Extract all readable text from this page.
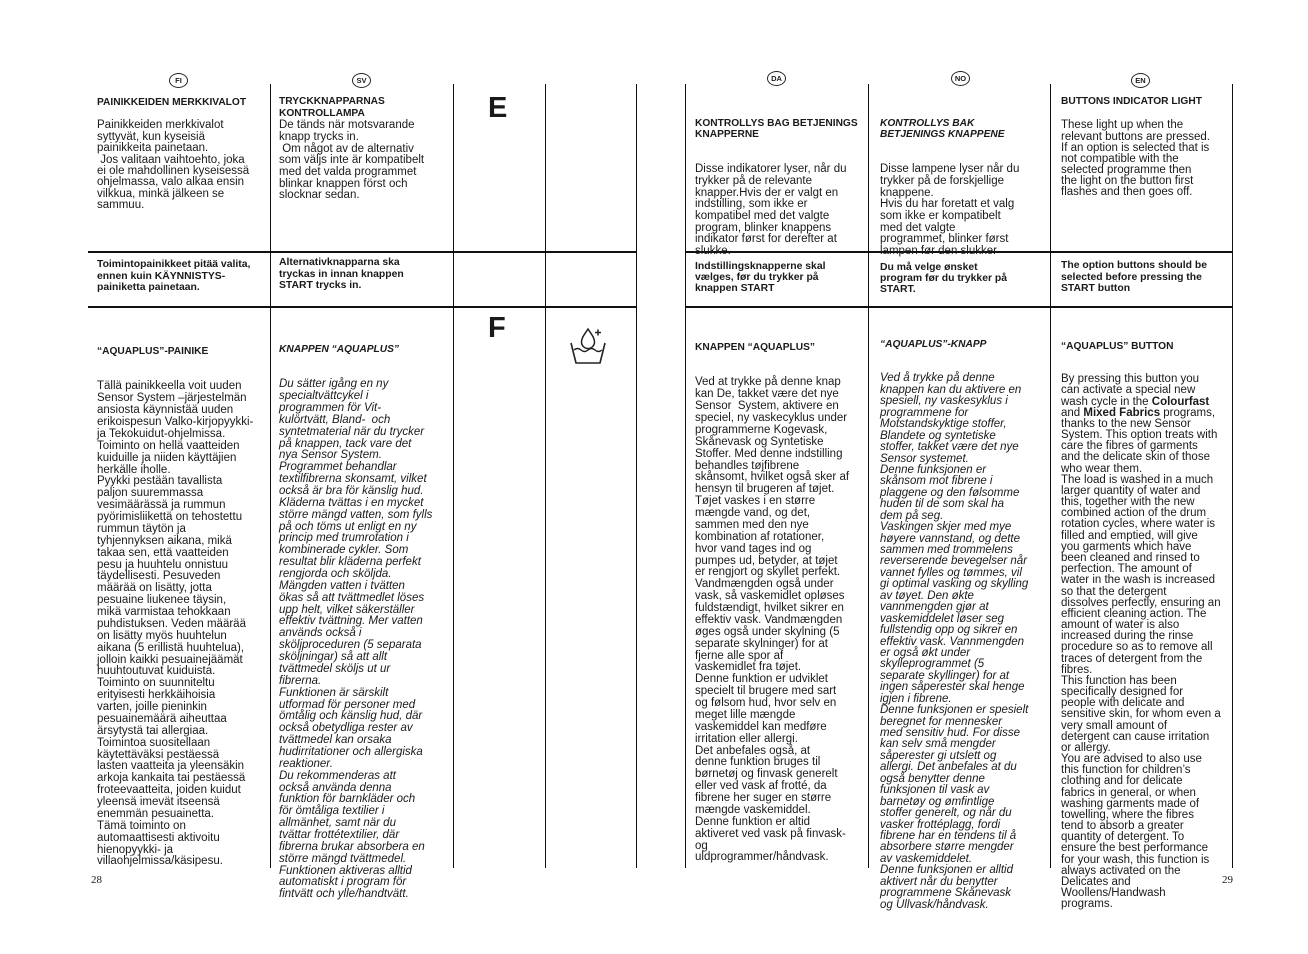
FI	SV
PAINIKKEIDEN MERKKIVALOT
Painikkeiden merkkivalot
syttyvät, kun kyseisiä
painikkeita painetaan.
Jos valitaan vaihtoehto, joka
ei ole mahdollinen kyseisessä
ohjelmassa, valo alkaa ensin
vilkkua, minkä jälkeen se
sammuu.
Toimintopainikkeet pitää valita,
ennen kuin KÄYNNISTYS-
painiketta painetaan.

“AQUAPLUS”-PAINIKE

Tällä painikkeella voit uuden
Sensor System –järjestelmän
ansiosta käynnistää uuden
erikoispesun Valko-kirjopyykki-
ja Tekokuidut-ohjelmissa.
Toiminto on hellä vaatteiden
kuiduille ja niiden käyttäjien
herkälle iholle.
Pyykki pestään tavallista
paljon suuremmassa
vesimäärässä ja rummun
pyörimisliikettä on tehostettu
rummun täytön ja
tyhjennyksen aikana, mikä
takaa sen, että vaatteiden
pesu ja huuhtelu onnistuu
täydellisesti. Pesuveden
määrää on lisätty, jotta
pesuaine liukenee täysin,
mikä varmistaa tehokkaan
puhdistuksen. Veden määrää
on lisätty myös huuhtelun
aikana (5 erillistä huuhtelua),
jolloin kaikki pesuainejäämät
huuhtoutuvat kuiduista.
Toiminto on suunniteltu
erityisesti herkkäihoisia
varten, joille pieninkin
pesuainemäärä aiheuttaa
ärsytystä tai allergiaa.
Toimintoa suositellaan
käytettäväksi pestäessä
lasten vaatteita ja yleensäkin
arkoja kankaita tai pestäessä
froteevaatteita, joiden kuidut
yleensä imevät itseensä
enemmän pesuainetta.
Tämä toiminto on
automaattisesti aktivoitu
hienopyykki- ja
villaohjelmissa/käsipesu.

TRYCKKNAPPARNAS
KONTROLLAMPA
De tänds när motsvarande
knapp trycks in.
Om något av de alternativ
som väljs inte är kompatibelt
med det valda programmet
blinkar knappen först och
slocknar sedan.
Alternativknapparna ska
tryckas in innan knappen
START trycks in.

KNAPPEN “AQUAPLUS”

Du sätter igång en ny
specialtvättcykel i
programmen för Vit-
kulörtvätt, Bland-  och
syntetmaterial när du trycker
på knappen, tack vare det
nya Sensor System.
Programmet behandlar
textilfibrerna skonsamt, vilket
också är bra för känslig hud.
Kläderna tvättas i en mycket
större mängd vatten, som fylls
på och töms ut enligt en ny
princip med trumrotation i
kombinerade cykler. Som
resultat blir kläderna perfekt
rengjorda och sköljda.
Mängden vatten i tvätten
ökas så att tvättmedlet löses
upp helt, vilket säkerställer
effektiv tvättning. Mer vatten
används också i
sköljproceduren (5 separata
sköljningar) så att allt
tvättmedel sköljs ut ur
fibrerna.
Funktionen är särskilt
utformad för personer med
ömtålig och känslig hud, där
också obetydliga rester av
tvättmedel kan orsaka
hudirritationer och allergiska
reaktioner.
Du rekommenderas att
också använda denna
funktion för barnkläder och
för ömtåliga textilier i
allmänhet, samt när du
tvättar frottétextilier, där
fibrerna brukar absorbera en
större mängd tvättmedel.
Funktionen aktiveras alltid
automatiskt i program för
fintvätt och ylle/handtvätt.

E
F
28
DA	NO	EN

KONTROLLYS BAG BETJENINGS
KNAPPERNE

Disse indikatorer lyser, når du
trykker på de relevante
knapper.Hvis der er valgt en
indstilling, som ikke er
kompatibel med det valgte
program, blinker knappens
indikator først for derefter at
slukke.

Indstillingsknapperne skal
vælges, før du trykker på
knappen START

KNAPPEN “AQUAPLUS”

Ved at trykke på denne knap
kan De, takket være det nye
Sensor  System, aktivere en
speciel, ny vaskecyklus under
programmerne Kogevask,
Skånevask og Syntetiske
Stoffer. Med denne indstilling
behandles tøjfibrene
skånsomt, hvilket også sker af
hensyn til brugeren af tøjet.
Tøjet vaskes i en større
mængde vand, og det,
sammen med den nye
kombination af rotationer,
hvor vand tages ind og
pumpes ud, betyder, at tøjet
er rengjort og skyllet perfekt.
Vandmængden også under
vask, så vaskemidlet opløses
fuldstændigt, hvilket sikrer en
effektiv vask. Vandmængden
øges også under skylning (5
separate skylninger) for at
fjerne alle spor af
vaskemidlet fra tøjet.
Denne funktion er udviklet
specielt til brugere med sart
og følsom hud, hvor selv en
meget lille mængde
vaskemiddel kan medføre
irritation eller allergi.
Det anbefales også, at
denne funktion bruges til
børnetøj og finvask generelt
eller ved vask af frotté, da
fibrene her suger en større
mængde vaskemiddel.
Denne funktion er altid
aktiveret ved vask på finvask-
og
uldprogrammer/håndvask.

KONTROLLYS BAK
BETJENINGS KNAPPENE

Disse lampene lyser når du
trykker på de forskjellige
knappene.
Hvis du har foretatt et valg
som ikke er kompatibelt
med det valgte
programmet, blinker først
lampen før den slukker

Du må velge ønsket
program før du trykker på
START.

“AQUAPLUS”-KNAPP

Ved å trykke på denne
knappen kan du aktivere en
spesiell, ny vaskesyklus i
programmene for
Motstandskyktige stoffer,
Blandete og syntetiske
stoffer, takket være det nye
Sensor systemet.
Denne funksjonen er
skånsom mot fibrene i
plaggene og den følsomme
huden til de som skal ha
dem på seg.
Vaskingen skjer med mye
høyere vannstand, og dette
sammen med trommelens
reverserende bevegelser når
vannet fylles og tømmes, vil
gi optimal vasking og skylling
av tøyet. Den økte
vannmengden gjør at
vaskemiddelet løser seg
fullstendig opp og sikrer en
effektiv vask. Vannmengden
er også økt under
skylleprogrammet (5
separate skyllinger) for at
ingen såperester skal henge
igjen i fibrene.
Denne funksjonen er spesielt
beregnet for mennesker
med sensitiv hud. For disse
kan selv små mengder
såperester gi utslett og
allergi. Det anbefales at du
også benytter denne
funksjonen til vask av
barnetøy og ømfintlige
stoffer generelt, og når du
vasker frottéplagg, fordi
fibrene har en tendens til å
absorbere større mengder
av vaskemiddelet.
Denne funksjonen er alltid
aktivert når du benytter
programmene Skånevask
og Ullvask/håndvask.

BUTTONS INDICATOR LIGHT
These light up when the
relevant buttons are pressed.
If an option is selected that is
not compatible with the
selected programme then
the light on the button first
flashes and then goes off.
The option buttons should be
selected before pressing the
START button

“AQUAPLUS” BUTTON

By pressing this button you
can activate a special new
wash cycle in the Colourfast
and Mixed Fabrics programs,
thanks to the new Sensor
System. This option treats with
care the fibres of garments
and the delicate skin of those
who wear them.
The load is washed in a much
larger quantity of water and
this, together with the new
combined action of the drum
rotation cycles, where water is
filled and emptied, will give
you garments which have
been cleaned and rinsed to
perfection. The amount of
water in the wash is increased
so that the detergent
dissolves perfectly, ensuring an
efficient cleaning action. The
amount of water is also
increased during the rinse
procedure so as to remove all
traces of detergent from the
fibres.
This function has been
specifically designed for
people with delicate and
sensitive skin, for whom even a
very small amount of
detergent can cause irritation
or allergy.
You are advised to also use
this function for children’s
clothing and for delicate
fabrics in general, or when
washing garments made of
towelling, where the fibres
tend to absorb a greater
quantity of detergent. To
ensure the best performance
for your wash, this function is
always activated on the
Delicates and
Woollens/Handwash
programs.

29
